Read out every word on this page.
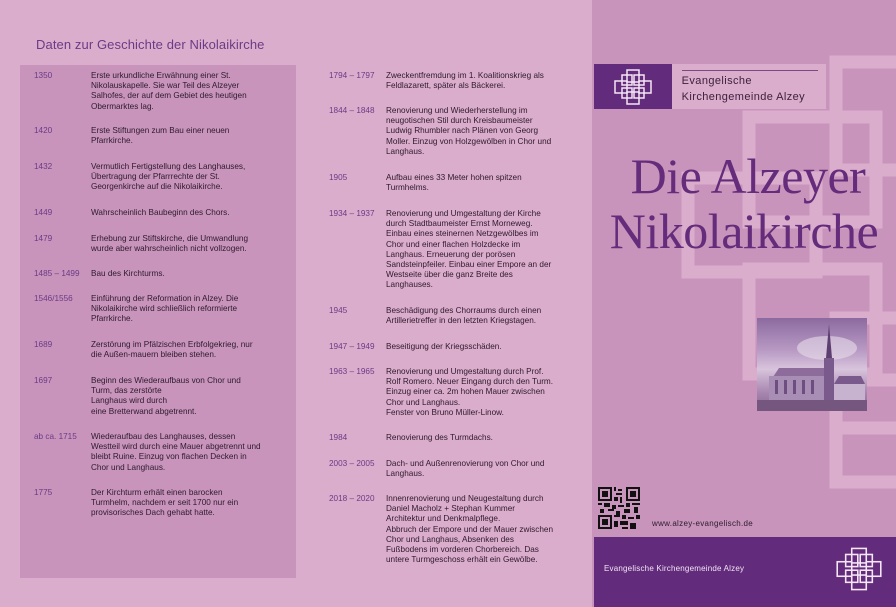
Daten zur Geschichte der Nikolaikirche
1350	Erste urkundliche Erwähnung einer St.
Nikolauskapelle. Sie war Teil des Alzeyer
Salhofes, der auf dem Gebiet des heutigen
Obermarktes lag.
1420	Erste Stiftungen zum Bau einer neuen
Pfarrkirche.
1432	Vermutlich Fertigstellung des Langhauses,
Übertragung der Pfarrrechte der St.
Georgenkirche auf die Nikolaikirche.
1449	Wahrscheinlich Baubeginn des Chors.
1479	Erhebung zur Stiftskirche, die Umwandlung
wurde aber wahrscheinlich nicht vollzogen.
1485 – 1499 Bau des Kirchturms.
1546/1556 Einführung der Reformation in Alzey. Die
Nikolaikirche wird schließlich reformierte
Pfarrkirche.
1689	Zerstörung im Pfälzischen Erbfolgekrieg, nur
die Außen-mauern bleiben stehen.
1697	Beginn des Wiederaufbaus von Chor und
Turm, das zerstörte
Langhaus wird durch
eine Bretterwand abgetrennt.
ab ca. 1715 Wiederaufbau des Langhauses, dessen
Westteil wird durch eine Mauer abgetrennt und
bleibt Ruine. Einzug von flachen Decken in
Chor und Langhaus.
1775	Der Kirchturm erhält einen barocken
Turmhelm, nachdem er seit 1700 nur ein
provisorisches Dach gehabt hatte.
1794 – 1797 Zweckentfremdung im 1. Koalitionskrieg als
Feldlazarett, später als Bäckerei.
1844 – 1848 Renovierung und Wiederherstellung im
neugotischen Stil durch Kreisbaumeister
Ludwig Rhumbler nach Plänen von Georg
Moller. Einzug von Holzgewölben in Chor und
Langhaus.
1905	Aufbau eines 33 Meter hohen spitzen
Turmhelms.
1934 – 1937 Renovierung und Umgestaltung der Kirche
durch Stadtbaumeister Ernst Morneweg.
Einbau eines steinernen Netzgewölbes im
Chor und einer flachen Holzdecke im
Langhaus. Erneuerung der porösen
Sandsteinpfeiler. Einbau einer Empore an der
Westseite über die ganz Breite des
Langhauses.
1945	Beschädigung des Chorraums durch einen
Artillerietreffer in den letzten Kriegstagen.
1947 – 1949 Beseitigung der Kriegsschäden.
1963 – 1965 Renovierung und Umgestaltung durch Prof.
Rolf Romero. Neuer Eingang durch den Turm.
Einzug einer ca. 2m hohen Mauer zwischen
Chor und Langhaus.
Fenster von Bruno Müller-Linow.
1984	Renovierung des Turmdachs.
2003 – 2005 Dach- und Außenrenovierung von Chor und
Langhaus.
2018 – 2020 Innenrenovierung und Neugestaltung durch
Daniel Macholz + Stephan Kummer
Architektur und Denkmalpflege.
Abbruch der Empore und der Mauer zwischen
Chor und Langhaus, Absenken des
Fußbodens im vorderen Chorbereich. Das
untere Turmgeschoss erhält ein Gewölbe.
Evangelische
Kirchengemeinde Alzey
Die Alzeyer
Nikolaikirche
www.alzey-evangelisch.de
Evangelische Kirchengemeinde Alzey
